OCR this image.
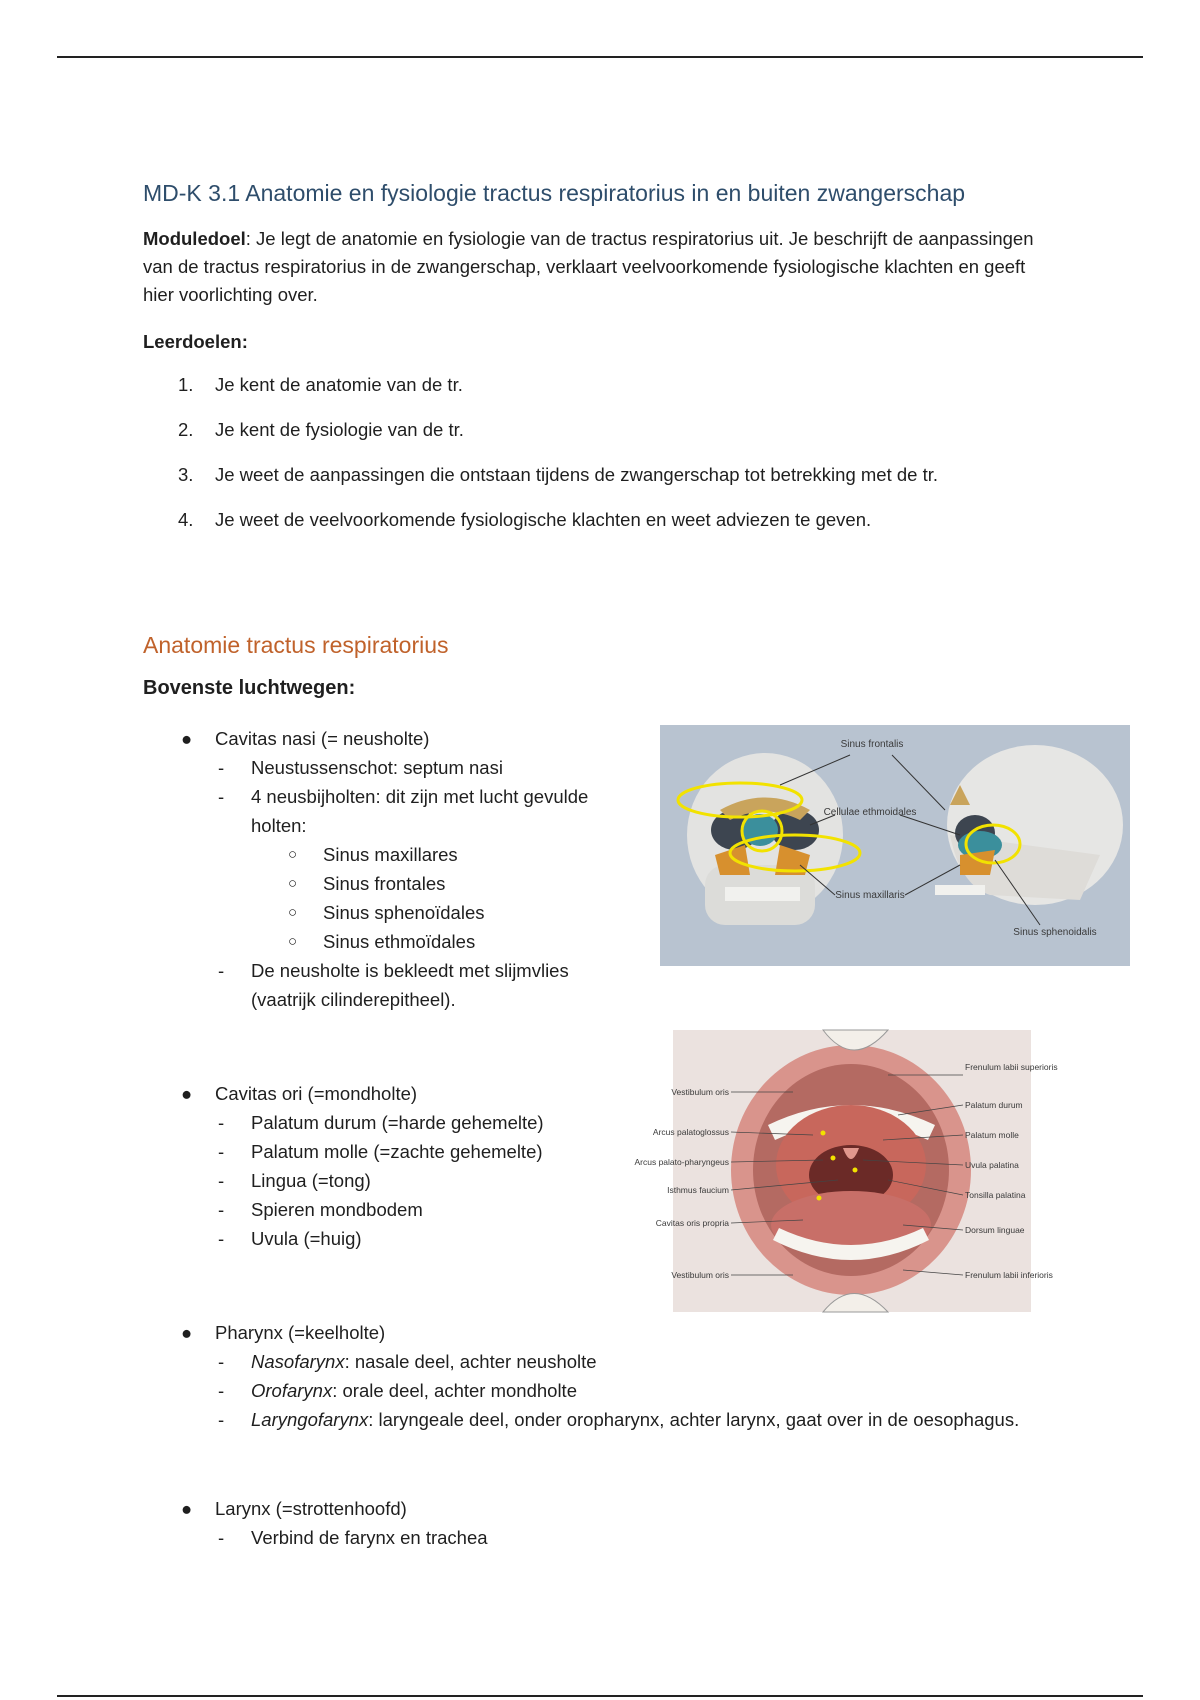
MD-K 3.1 Anatomie en fysiologie tractus respiratorius in en buiten zwangerschap
Moduledoel: Je legt de anatomie en fysiologie van de tractus respiratorius uit. Je beschrijft de aanpassingen van de tractus respiratorius in de zwangerschap, verklaart veelvoorkomende fysiologische klachten en geeft hier voorlichting over.
Leerdoelen:
1. Je kent de anatomie van de tr.
2. Je kent de fysiologie van de tr.
3. Je weet de aanpassingen die ontstaan tijdens de zwangerschap tot betrekking met de tr.
4. Je weet de veelvoorkomende fysiologische klachten en weet adviezen te geven.
Anatomie tractus respiratorius
Bovenste luchtwegen:
● Cavitas nasi (= neusholte)
- Neustussenschot: septum nasi
- 4 neusbijholten: dit zijn met lucht gevulde holten:
○ Sinus maxillares
○ Sinus frontales
○ Sinus sphenoïdales
○ Sinus ethmoïdales
- De neusholte is bekleedt met slijmvlies (vaatrijk cilinderepitheel).
● Cavitas ori (=mondholte)
- Palatum durum (=harde gehemelte)
- Palatum molle (=zachte gehemelte)
- Lingua (=tong)
- Spieren mondbodem
- Uvula (=huig)
● Pharynx (=keelholte)
- Nasofarynx: nasale deel, achter neusholte
- Orofarynx: orale deel, achter mondholte
- Laryngofarynx: laryngeale deel, onder oropharynx, achter larynx, gaat over in de oesophagus.
● Larynx (=strottenhoofd)
- Verbind de farynx en trachea
Sinus frontalis
Cellulae ethmoidales
Sinus maxillaris
Sinus sphenoidalis
Vestibulum oris
Arcus palatoglossus
Arcus palato-pharyngeus
Isthmus faucium
Cavitas oris propria
Vestibulum oris
Frenulum labii superioris
Palatum durum
Palatum molle
Uvula palatina
Tonsilla palatina
Dorsum linguae
Frenulum labii inferioris
